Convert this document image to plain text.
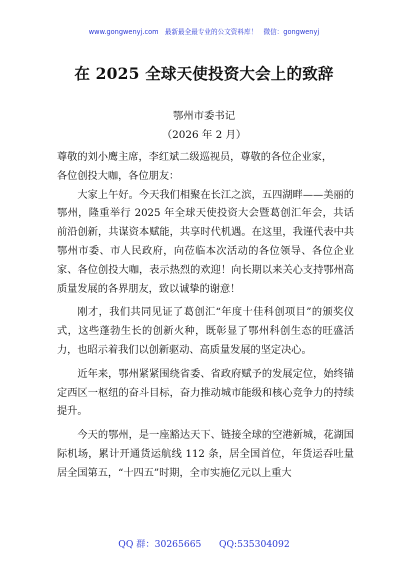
www.gongwenyj.com 最新最全最专业的公文资料库！ 微信：gongwenyj
在 2025 全球天使投资大会上的致辞
鄂州市委书记
（2026 年 2 月）

尊敬的刘小鹰主席，李红斌二级巡视员，尊敬的各位企业家，

各位创投大咖，各位朋友：

大家上午好。今天我们相聚在长江之滨，五四湖畔——美丽的鄂州，隆重举行 2025 年全球天使投资大会暨葛创汇年会，共话前沿创新，共谋资本赋能，共享时代机遇。在这里，我谨代表中共鄂州市委、市人民政府，向莅临本次活动的各位领导、各位企业家、各位创投大咖，表示热烈的欢迎！向长期以来关心支持鄂州高质量发展的各界朋友，致以诚挚的谢意！

刚才，我们共同见证了葛创汇“年度十佳科创项目”的颁奖仪式，这些蓬勃生长的创新火种，既彰显了鄂州科创生态的旺盛活力，也昭示着我们以创新驱动、高质量发展的坚定决心。

近年来，鄂州紧紧围绕省委、省政府赋予的发展定位，始终锚定西区一枢纽的奋斗目标，奋力推动城市能级和核心竞争力的持续提升。

今天的鄂州，是一座豁达天下、链接全球的空港新城，花湖国际机场，累计开通货运航线 112 条，居全国首位，年货运吞吐量居全国第五，“十四五”时期，全市实施亿元以上重大

QQ 群：30265665 QQ:535304092
